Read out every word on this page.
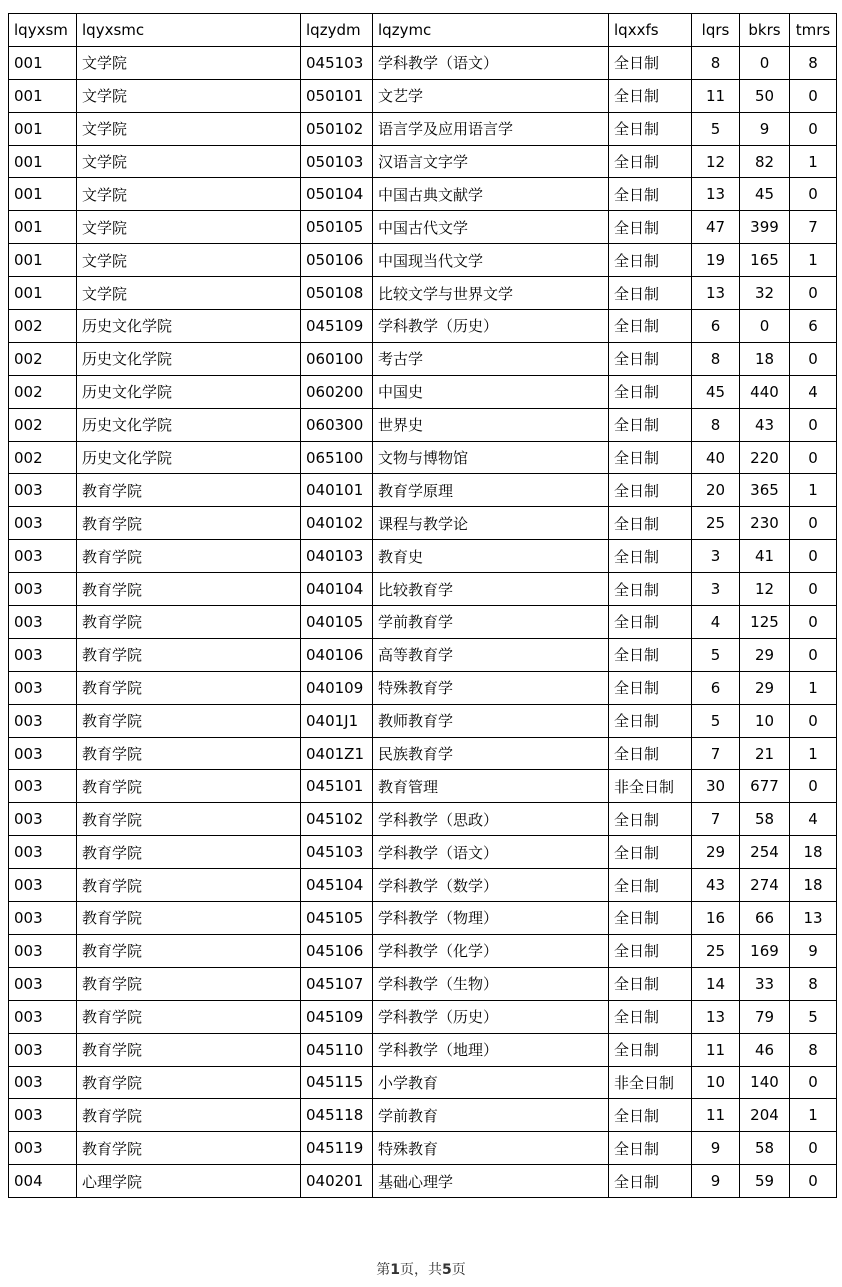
lqyxsm	lqyxsmc	lqzydm	lqzymc	lqxxfs	lqrs	bkrs	tmrs
001	文学院	045103	学科教学（语文）	全日制	8	0	8
001	文学院	050101	文艺学	全日制	11	50	0
001	文学院	050102	语言学及应用语言学	全日制	5	9	0
001	文学院	050103	汉语言文字学	全日制	12	82	1
001	文学院	050104	中国古典文献学	全日制	13	45	0
001	文学院	050105	中国古代文学	全日制	47	399	7
001	文学院	050106	中国现当代文学	全日制	19	165	1
001	文学院	050108	比较文学与世界文学	全日制	13	32	0
002	历史文化学院	045109	学科教学（历史）	全日制	6	0	6
002	历史文化学院	060100	考古学	全日制	8	18	0
002	历史文化学院	060200	中国史	全日制	45	440	4
002	历史文化学院	060300	世界史	全日制	8	43	0
002	历史文化学院	065100	文物与博物馆	全日制	40	220	0
003	教育学院	040101	教育学原理	全日制	20	365	1
003	教育学院	040102	课程与教学论	全日制	25	230	0
003	教育学院	040103	教育史	全日制	3	41	0
003	教育学院	040104	比较教育学	全日制	3	12	0
003	教育学院	040105	学前教育学	全日制	4	125	0
003	教育学院	040106	高等教育学	全日制	5	29	0
003	教育学院	040109	特殊教育学	全日制	6	29	1
003	教育学院	0401J1	教师教育学	全日制	5	10	0
003	教育学院	0401Z1	民族教育学	全日制	7	21	1
003	教育学院	045101	教育管理	非全日制	30	677	0
003	教育学院	045102	学科教学（思政）	全日制	7	58	4
003	教育学院	045103	学科教学（语文）	全日制	29	254	18
003	教育学院	045104	学科教学（数学）	全日制	43	274	18
003	教育学院	045105	学科教学（物理）	全日制	16	66	13
003	教育学院	045106	学科教学（化学）	全日制	25	169	9
003	教育学院	045107	学科教学（生物）	全日制	14	33	8
003	教育学院	045109	学科教学（历史）	全日制	13	79	5
003	教育学院	045110	学科教学（地理）	全日制	11	46	8
003	教育学院	045115	小学教育	非全日制	10	140	0
003	教育学院	045118	学前教育	全日制	11	204	1
003	教育学院	045119	特殊教育	全日制	9	58	0
004	心理学院	040201	基础心理学	全日制	9	59	0
第1页，共5页
